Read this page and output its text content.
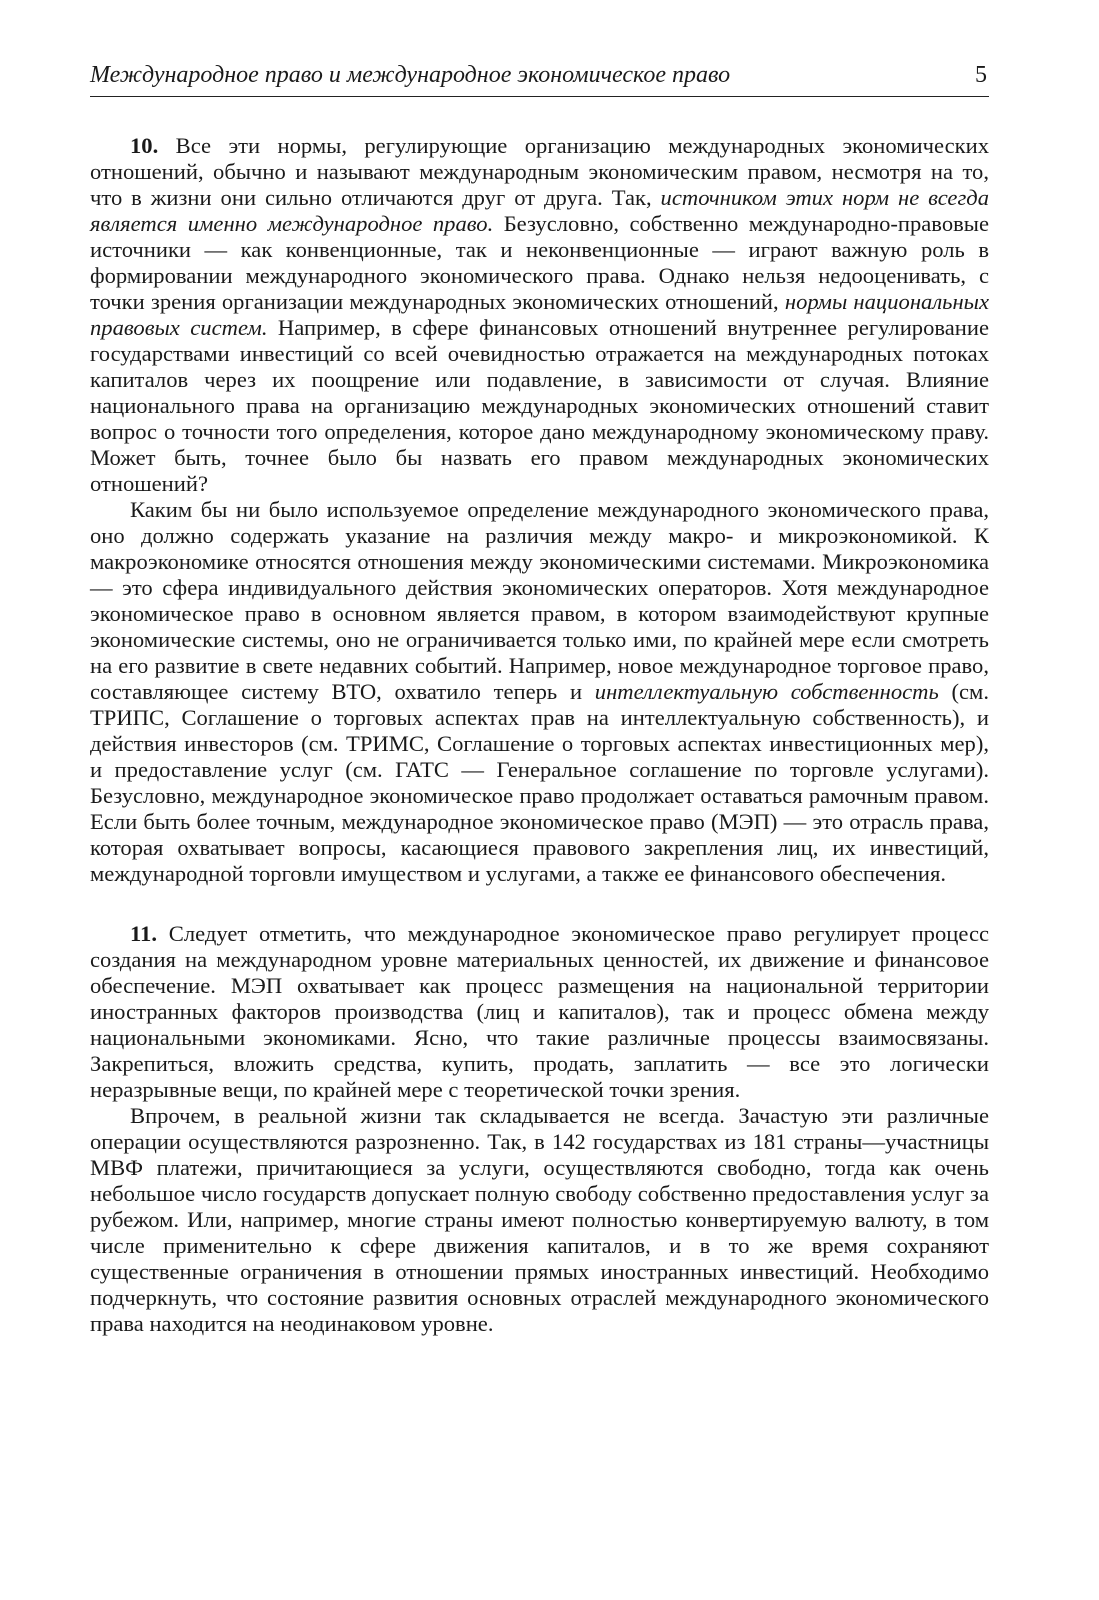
Международное право и международное экономическое право	5

10. Все эти нормы, регулирующие организацию международных экономических отношений, обычно и называют международным экономическим правом, несмотря на то, что в жизни они сильно отличаются друг от друга. Так, источником этих норм не всегда является именно международное право. Безусловно, собственно международно-правовые источники — как конвенционные, так и неконвенционные — играют важную роль в формировании международного экономического права. Однако нельзя недооценивать, с точки зрения организации международных экономических отношений, нормы национальных правовых систем. Например, в сфере финансовых отношений внутреннее регулирование государствами инвестиций со всей очевидностью отражается на международных потоках капиталов через их поощрение или подавление, в зависимости от случая. Влияние национального права на организацию международных экономических отношений ставит вопрос о точности того определения, которое дано международному экономическому праву. Может быть, точнее было бы назвать его правом международных экономических отношений?

Каким бы ни было используемое определение международного экономического права, оно должно содержать указание на различия между макро- и микроэкономикой. К макроэкономике относятся отношения между экономическими системами. Микроэкономика — это сфера индивидуального действия экономических операторов. Хотя международное экономическое право в основном является правом, в котором взаимодействуют крупные экономические системы, оно не ограничивается только ими, по крайней мере если смотреть на его развитие в свете недавних событий. Например, новое международное торговое право, составляющее систему ВТО, охватило теперь и интеллектуальную собственность (см. ТРИПС, Соглашение о торговых аспектах прав на интеллектуальную собственность), и действия инвесторов (см. ТРИМС, Соглашение о торговых аспектах инвестиционных мер), и предоставление услуг (см. ГАТС — Генеральное соглашение по торговле услугами). Безусловно, международное экономическое право продолжает оставаться рамочным правом. Если быть более точным, международное экономическое право (МЭП) — это отрасль права, которая охватывает вопросы, касающиеся правового закрепления лиц, их инвестиций, международной торговли имуществом и услугами, а также ее финансового обеспечения.

11. Следует отметить, что международное экономическое право регулирует процесс создания на международном уровне материальных ценностей, их движение и финансовое обеспечение. МЭП охватывает как процесс размещения на национальной территории иностранных факторов производства (лиц и капиталов), так и процесс обмена между национальными экономиками. Ясно, что такие различные процессы взаимосвязаны. Закрепиться, вложить средства, купить, продать, заплатить — все это логически неразрывные вещи, по крайней мере с теоретической точки зрения.

Впрочем, в реальной жизни так складывается не всегда. Зачастую эти различные операции осуществляются разрозненно. Так, в 142 государствах из 181 страны—участницы МВФ платежи, причитающиеся за услуги, осуществляются свободно, тогда как очень небольшое число государств допускает полную свободу собственно предоставления услуг за рубежом. Или, например, многие страны имеют полностью конвертируемую валюту, в том числе применительно к сфере движения капиталов, и в то же время сохраняют существенные ограничения в отношении прямых иностранных инвестиций. Необходимо подчеркнуть, что состояние развития основных отраслей международного экономического права находится на неодинаковом уровне.
